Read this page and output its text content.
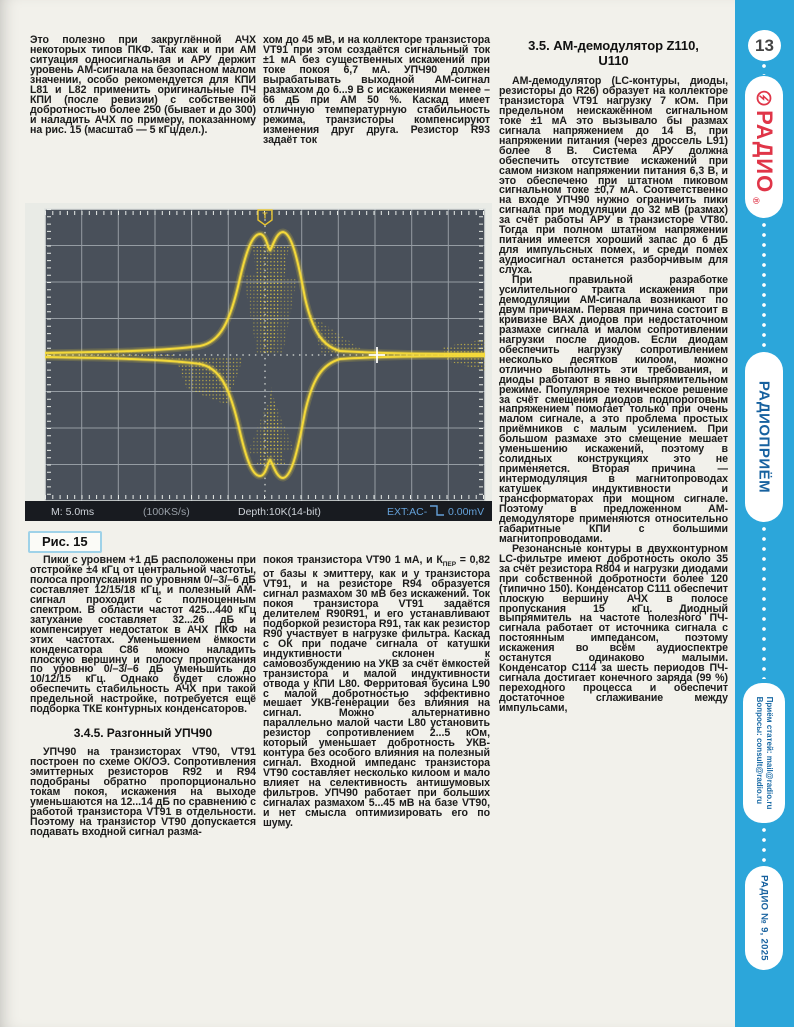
Это полезно при закруглённой АЧХ некоторых типов ПКФ. Так как и при АМ ситуация односигнальная и АРУ держит уровень АМ-сигнала на безопасном малом значении, особо рекомендуется для КПИ L81 и L82 применить оригинальные ПЧ КПИ (после ревизии) с собственной добротностью более 250 (бывает и до 300) и наладить АЧХ по примеру, показанному на рис. 15 (масштаб — 5 кГц/дел.).

хом до 45 мВ, и на коллекторе транзистора VT91 при этом создаётся сигнальный ток ±1 мА без существенных искажений при токе покоя 6,7 мА. УПЧ90 должен вырабатывать выходной АМ-сигнал размахом до 6...9 В с искажениями менее –66 дБ при АМ 50 %. Каскад имеет отличную температурную стабильность режима, транзисторы компенсируют изменения друг друга. Резистор R93 задаёт ток

3.5. АМ-демодулятор Z110,
U110

АМ-демодулятор (LC-контуры, диоды, резисторы до R26) образует на коллекторе транзистора VT91 нагрузку 7 кОм. При предельном неискажённом сигнальном токе ±1 мА это вызывало бы размах сигнала напряжением до 14 В, при напряжении питания (через дроссель L91) более 8 В. Система АРУ должна обеспечить отсутствие искажений при самом низком напряжении питания 6,3 В, и это обеспечено при штатном пиковом сигнальном токе ±0,7 мА. Соответственно на входе УПЧ90 нужно ограничить пики сигнала при модуляции до 32 мВ (размах) за счёт работы АРУ в транзисторе VT80. Тогда при полном штатном напряжении питания имеется хороший запас до 6 дБ для импульсных помех, и среди помех аудиосигнал останется разборчивым для слуха.

При правильной разработке усилительного тракта искажения при демодуляции АМ-сигнала возникают по двум причинам. Первая причина состоит в кривизне ВАХ диодов при недостаточном размахе сигнала и малом сопротивлении нагрузки после диодов. Если диодам обеспечить нагрузку сопротивлением несколько десятков килоом, можно отлично выполнять эти требования, и диоды работают в явно выпрямительном режиме. Популярное техническое решение за счёт смещения диодов подпороговым напряжением помогает только при очень малом сигнале, а это проблема простых приёмников с малым усилением. При большом размахе это смещение мешает уменьшению искажений, поэтому в солидных конструкциях это не применяется. Вторая причина — интермодуляция в магнитопроводах катушек индуктивности и трансформаторах при мощном сигнале. Поэтому в предложенном АМ-демодуляторе применяются относительно габаритные КПИ с большими магнитопроводами.

Резонансные контуры в двухконтурном LC-фильтре имеют добротность около 35 за счёт резистора R804 и нагрузки диодами при собственной добротности более 120 (типично 150). Конденсатор С111 обеспечит плоскую вершину АЧХ в полосе пропускания 15 кГц. Диодный выпрямитель на частоте полезного ПЧ-сигнала работает от источника сигнала с постоянным импедансом, поэтому искажения во всём аудиоспектре останутся одинаково малыми. Конденсатор С114 за шесть периодов ПЧ-сигнала достигает конечного заряда (99 %) переходного процесса и обеспечит достаточное сглаживание между импульсами,

T
M: 5.0ms	(100KS/s)	Depth:10K(14-bit)	EXT:AC- 0.00mV
Рис. 15

Пики с уровнем +1 дБ расположены при отстройке ±4 кГц от центральной частоты, полоса пропускания по уровням 0/–3/–6 дБ составляет 12/15/18 кГц, и полезный АМ-сигнал проходит с полноценным спектром. В области частот 425...440 кГц затухание составляет 32...26 дБ и компенсирует недостаток в АЧХ ПКФ на этих частотах. Уменьшением ёмкости конденсатора С86 можно наладить плоскую вершину и полосу пропускания по уровню 0/–3/–6 дБ уменьшить до 10/12/15 кГц. Однако будет сложно обеспечить стабильность АЧХ при такой предельной настройке, потребуется ещё подборка ТКЕ контурных конденсаторов.

3.4.5. Разгонный УПЧ90

УПЧ90 на транзисторах VT90, VT91 построен по схеме ОК/ОЭ. Сопротивления эмиттерных резисторов R92 и R94 подобраны обратно пропорционально токам покоя, искажения на выходе уменьшаются на 12...14 дБ по сравнению с работой транзистора VT91 в отдельности. Поэтому на транзистор VT90 допускается подавать входной сигнал разма-

покоя транзистора VT90 1 мА, и $К_{ПЕР} = 0,82$ от базы к эмиттеру, как и у транзистора VT91, и на резисторе R94 образуется сигнал размахом 30 мВ без искажений. Ток покоя транзистора VT91 задаётся делителем R90R91, и его устанавливают подборкой резистора R91, так как резистор R90 участвует в нагрузке фильтра. Каскад с ОК при подаче сигнала от катушки индуктивности склонен к самовозбуждению на УКВ за счёт ёмкостей транзистора и малой индуктивности отвода у КПИ L80. Ферритовая бусина L90 с малой добротностью эффективно мешает УКВ-генерации без влияния на сигнал. Можно альтернативно параллельно малой части L80 установить резистор сопротивлением 2...5 кОм, который уменьшает добротность УКВ-контура без особого влияния на полезный сигнал. Входной импеданс транзистора VT90 составляет несколько килоом и мало влияет на селективность антишумовых фильтров. УПЧ90 работает при больших сигналах размахом 5...45 мВ на базе VT90, и нет смысла оптимизировать его по шуму.

13
РАДИО
®
РАДИОПРИЁМ
Приём статей: mail@radio.ru
Вопросы: consult@radio.ru
РАДИО № 9, 2025
